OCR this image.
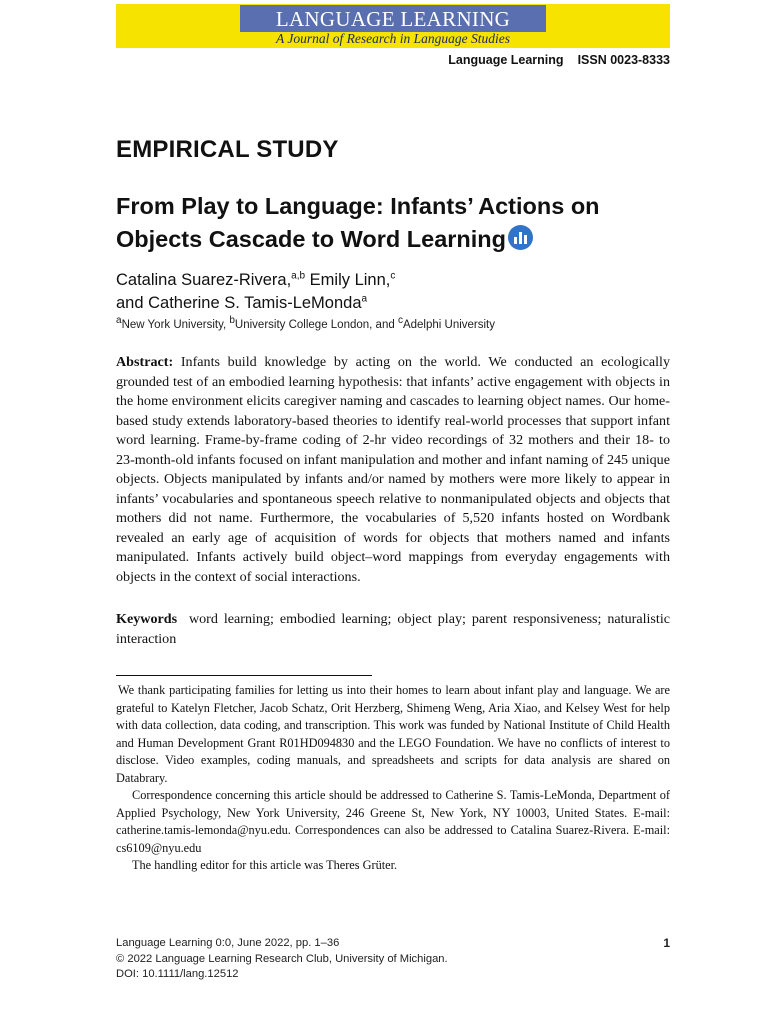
LANGUAGE LEARNING
A Journal of Research in Language Studies
Language Learning ISSN 0023-8333
EMPIRICAL STUDY
From Play to Language: Infants’ Actions on Objects Cascade to Word Learning
Catalina Suarez-Rivera,$^{a,b}$ Emily Linn,$^c$
and Catherine S. Tamis-LeMonda$^a$
$^a$New York University, $^b$University College London, and $^c$Adelphi University
Abstract: Infants build knowledge by acting on the world. We conducted an ecologically grounded test of an embodied learning hypothesis: that infants’ active engagement with objects in the home environment elicits caregiver naming and cascades to learning object names. Our home-based study extends laboratory-based theories to identify real-world processes that support infant word learning. Frame-by-frame coding of 2-hr video recordings of 32 mothers and their 18- to 23-month-old infants focused on infant manipulation and mother and infant naming of 245 unique objects. Objects manipulated by infants and/or named by mothers were more likely to appear in infants’ vocabularies and spontaneous speech relative to nonmanipulated objects and objects that mothers did not name. Furthermore, the vocabularies of 5,520 infants hosted on Wordbank revealed an early age of acquisition of words for objects that mothers named and infants manipulated. Infants actively build object–word mappings from everyday engagements with objects in the context of social interactions.
Keywords word learning; embodied learning; object play; parent responsiveness; naturalistic interaction

We thank participating families for letting us into their homes to learn about infant play and language. We are grateful to Katelyn Fletcher, Jacob Schatz, Orit Herzberg, Shimeng Weng, Aria Xiao, and Kelsey West for help with data collection, data coding, and transcription. This work was funded by National Institute of Child Health and Human Development Grant R01HD094830 and the LEGO Foundation. We have no conflicts of interest to disclose. Video examples, coding manuals, and spreadsheets and scripts for data analysis are shared on Databrary.

Correspondence concerning this article should be addressed to Catherine S. Tamis-LeMonda, Department of Applied Psychology, New York University, 246 Greene St, New York, NY 10003, United States. E-mail: catherine.tamis-lemonda@nyu.edu. Correspondences can also be addressed to Catalina Suarez-Rivera. E-mail: cs6109@nyu.edu

The handling editor for this article was Theres Grüter.

Language Learning 0:0, June 2022, pp. 1–36
© 2022 Language Learning Research Club, University of Michigan.
DOI: 10.1111/lang.12512
1
